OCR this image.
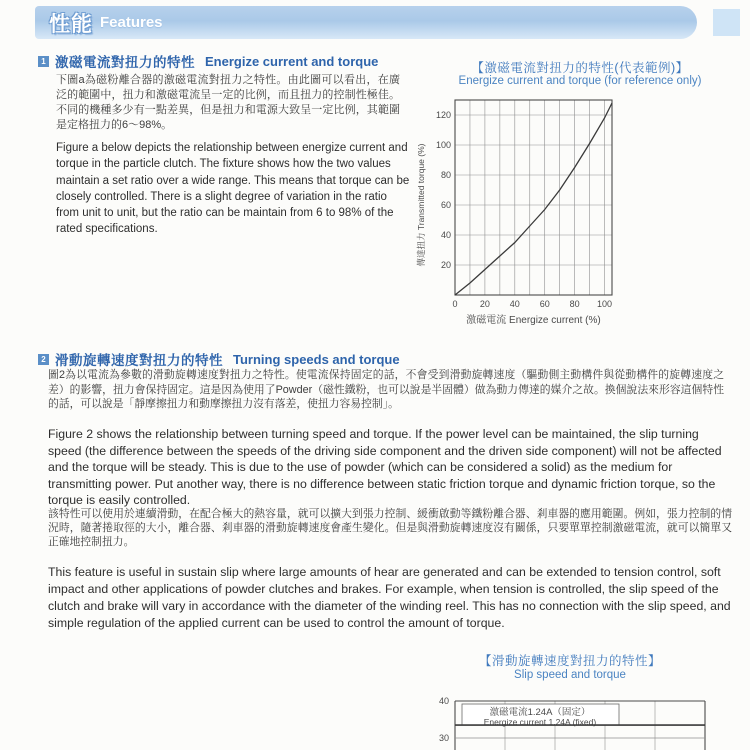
性能 Features
1 激磁電流對扭力的特性 Energize current and torque
下圖a為磁粉離合器的激磁電流對扭力之特性。由此圖可以看出，在廣泛的範圍中，扭力和激磁電流呈一定的比例，而且扭力的控制性極佳。不同的機種多少有一點差異，但是扭力和電源大致呈一定比例，其範圍是定格扭力的6～98%。
Figure a below depicts the relationship between energize current and torque in the particle clutch. The fixture shows how the two values maintain a set ratio over a wide range. This means that torque can be closely controlled. There is a slight degree of variation in the ratio from unit to unit, but the ratio can be maintain from 6 to 98% of the rated specifications.
【激磁電流對扭力的特性(代表範例)】
Energize current and torque (for reference only)
20
40
60
80
100
120
0 20 40 60 80 100
傳達扭力 Transmitted torque (%)
激磁電流 Energize current (%)
2 滑動旋轉速度對扭力的特性 Turning speeds and torque
圖2為以電流為參數的滑動旋轉速度對扭力之特性。使電流保持固定的話，不會受到滑動旋轉速度（驅動側主動構件與從動構件的旋轉速度之差）的影響，扭力會保持固定。這是因為使用了Powder（磁性鐵粉，也可以說是半固體）做為動力傳達的媒介之故。換個說法來形容這個特性的話，可以說是「靜摩擦扭力和動摩擦扭力沒有落差，使扭力容易控制」。
Figure 2 shows the relationship between turning speed and torque. If the power level can be maintained, the slip turning speed (the difference between the speeds of the driving side component and the driven side component) will not be affected and the torque will be steady. This is due to the use of powder (which can be considered a solid) as the medium for transmitting power. Put another way, there is no difference between static friction torque and dynamic friction torque, so the torque is easily controlled.
該特性可以使用於連續滑動，在配合極大的熱容量，就可以擴大到張力控制、緩衝啟動等鐵粉離合器、剎車器的應用範圍。例如，張力控制的情況時，隨著捲取徑的大小，離合器、剎車器的滑動旋轉速度會產生變化。但是與滑動旋轉速度沒有關係，只要單單控制激磁電流，就可以簡單又正確地控制扭力。
This feature is useful in sustain slip where large amounts of hear are generated and can be extended to tension control, soft impact and other applications of powder clutches and brakes. For example, when tension is controlled, the slip speed of the clutch and brake will vary in accordance with the diameter of the winding reel. This has no connection with the slip speed, and simple regulation of the applied current can be used to control the amount of torque.
【滑動旋轉速度對扭力的特性】
Slip speed and torque
激磁電流1.24A（固定）
Energize current 1.24A (fixed)
40
30
